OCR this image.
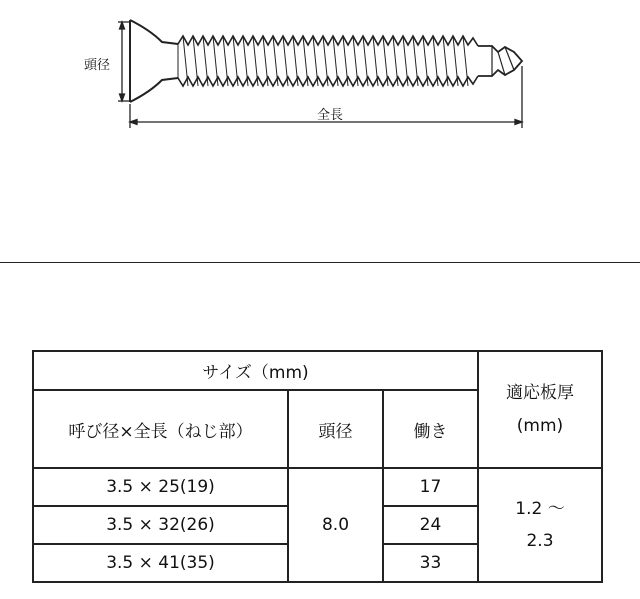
頭径
全長
サイズ（mm)			適応板厚
(mm)

呼び径×全長（ねじ部）	頭径	働き	
3.5 × 25(19)	8.0	17	1.2 〜
2.3

3.5 × 32(26)		24	
3.5 × 41(35)		33	
